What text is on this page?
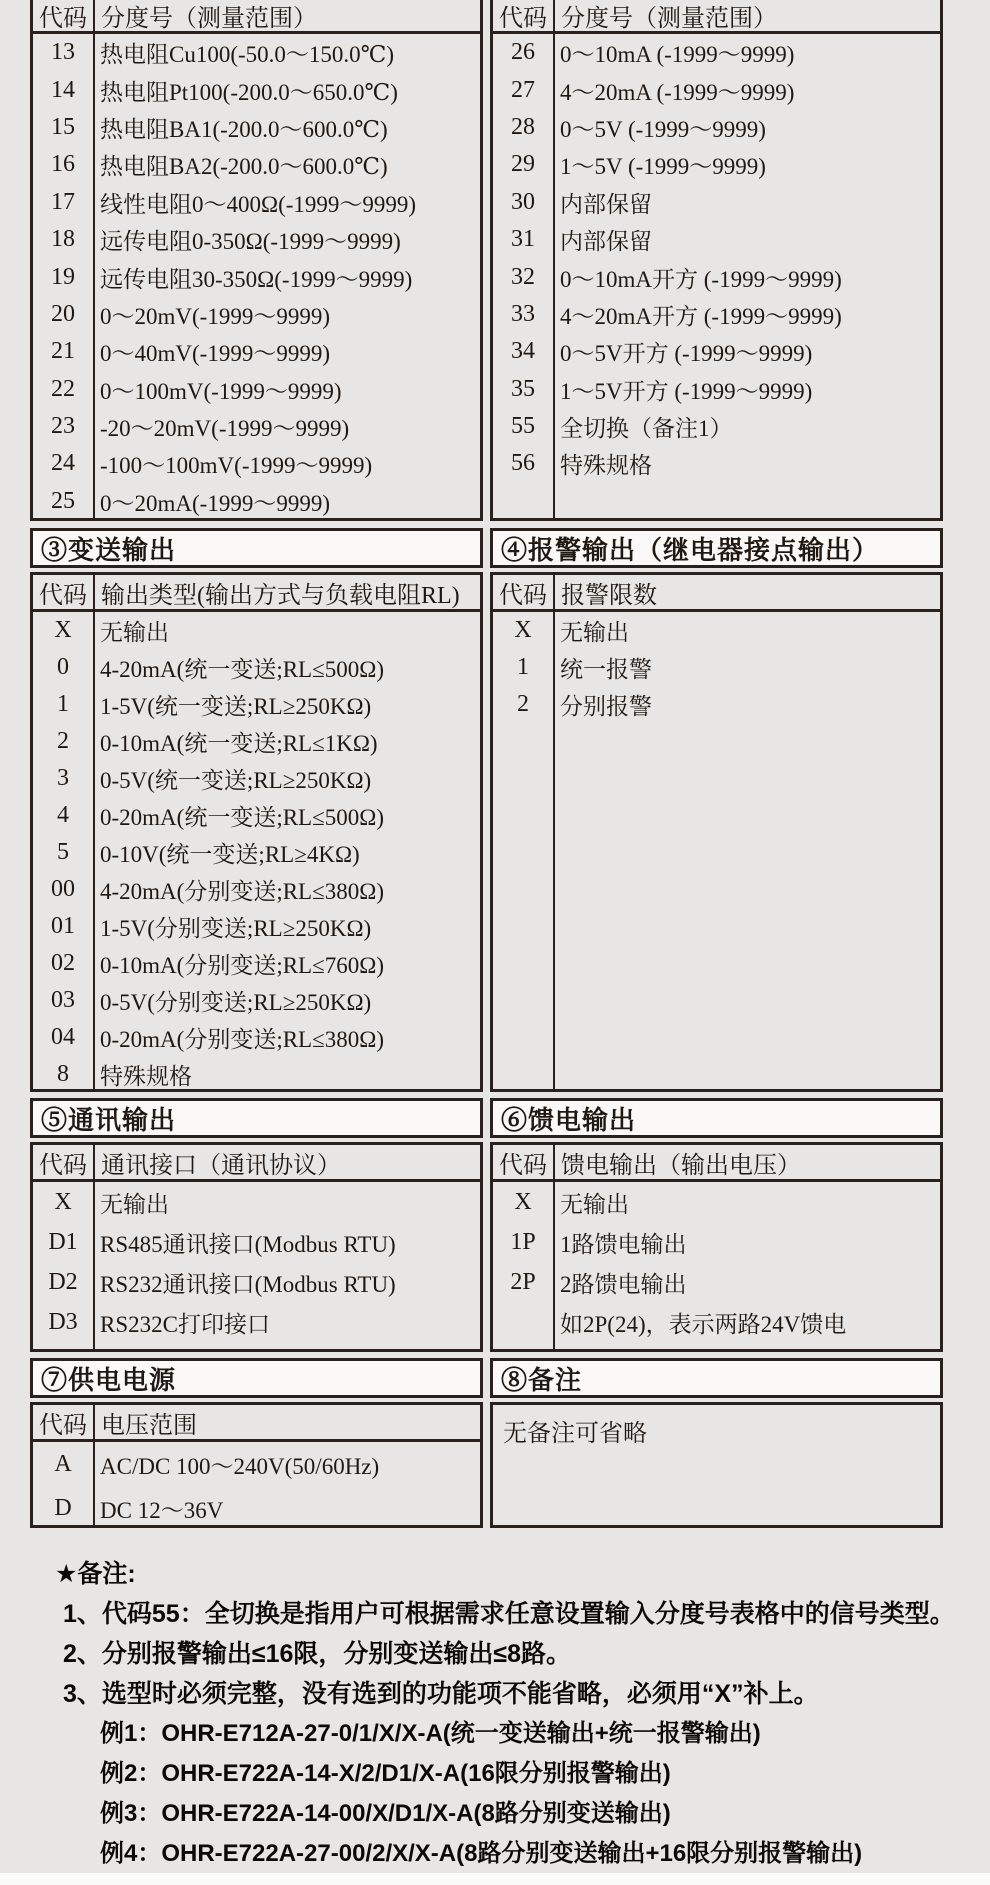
代码 分度号（测量范围）
13	热电阻Cu100(-50.0～150.0℃)
14	热电阻Pt100(-200.0～650.0℃)
15	热电阻BA1(-200.0～600.0℃)
16	热电阻BA2(-200.0～600.0℃)
17	线性电阻0～400Ω(-1999～9999)
18	远传电阻0-350Ω(-1999～9999)
19	远传电阻30-350Ω(-1999～9999)
20	0～20mV(-1999～9999)
21	0～40mV(-1999～9999)
22	0～100mV(-1999～9999)
23	-20～20mV(-1999～9999)
24	-100～100mV(-1999～9999)
25	0～20mA(-1999～9999)
代码 分度号（测量范围）
26	0～10mA (-1999～9999)
27	4～20mA (-1999～9999)
28	0～5V (-1999～9999)
29	1～5V (-1999～9999)
30	内部保留
31	内部保留
32	0～10mA开方 (-1999～9999)
33	4～20mA开方 (-1999～9999)
34	0～5V开方 (-1999～9999)
35	1～5V开方 (-1999～9999)
55	全切换（备注1）
56	特殊规格
③变送输出	④报警输出（继电器接点输出）
代码 输出类型(输出方式与负载电阻RL)
X	无输出
0	4-20mA(统一变送;RL≤500Ω)
1	1-5V(统一变送;RL≥250KΩ)
2	0-10mA(统一变送;RL≤1KΩ)
3	0-5V(统一变送;RL≥250KΩ)
4	0-20mA(统一变送;RL≤500Ω)
5	0-10V(统一变送;RL≥4KΩ)
00	4-20mA(分别变送;RL≤380Ω)
01	1-5V(分别变送;RL≥250KΩ)
02	0-10mA(分别变送;RL≤760Ω)
03	0-5V(分别变送;RL≥250KΩ)
04	0-20mA(分别变送;RL≤380Ω)
8	特殊规格
代码 报警限数
X	无输出
1	统一报警
2	分别报警
⑤通讯输出	⑥馈电输出
代码 通讯接口（通讯协议）
X	无输出
D1 RS485通讯接口(Modbus RTU)
D2 RS232通讯接口(Modbus RTU)
D3 RS232C打印接口
代码 馈电输出（输出电压）
X	无输出
1P	1路馈电输出
2P	2路馈电输出
如2P(24)，表示两路24V馈电
⑦供电电源	⑧备注
代码 电压范围
A	AC/DC 100～240V(50/60Hz)
D	DC 12～36V
无备注可省略
★备注:
1、代码55：全切换是指用户可根据需求任意设置输入分度号表格中的信号类型。
2、分别报警输出≤16限，分别变送输出≤8路。
3、选型时必须完整，没有选到的功能项不能省略，必须用“X”补上。
例1：OHR-E712A-27-0/1/X/X-A(统一变送输出+统一报警输出)
例2：OHR-E722A-14-X/2/D1/X-A(16限分别报警输出)
例3：OHR-E722A-14-00/X/D1/X-A(8路分别变送输出)
例4：OHR-E722A-27-00/2/X/X-A(8路分别变送输出+16限分别报警输出)
